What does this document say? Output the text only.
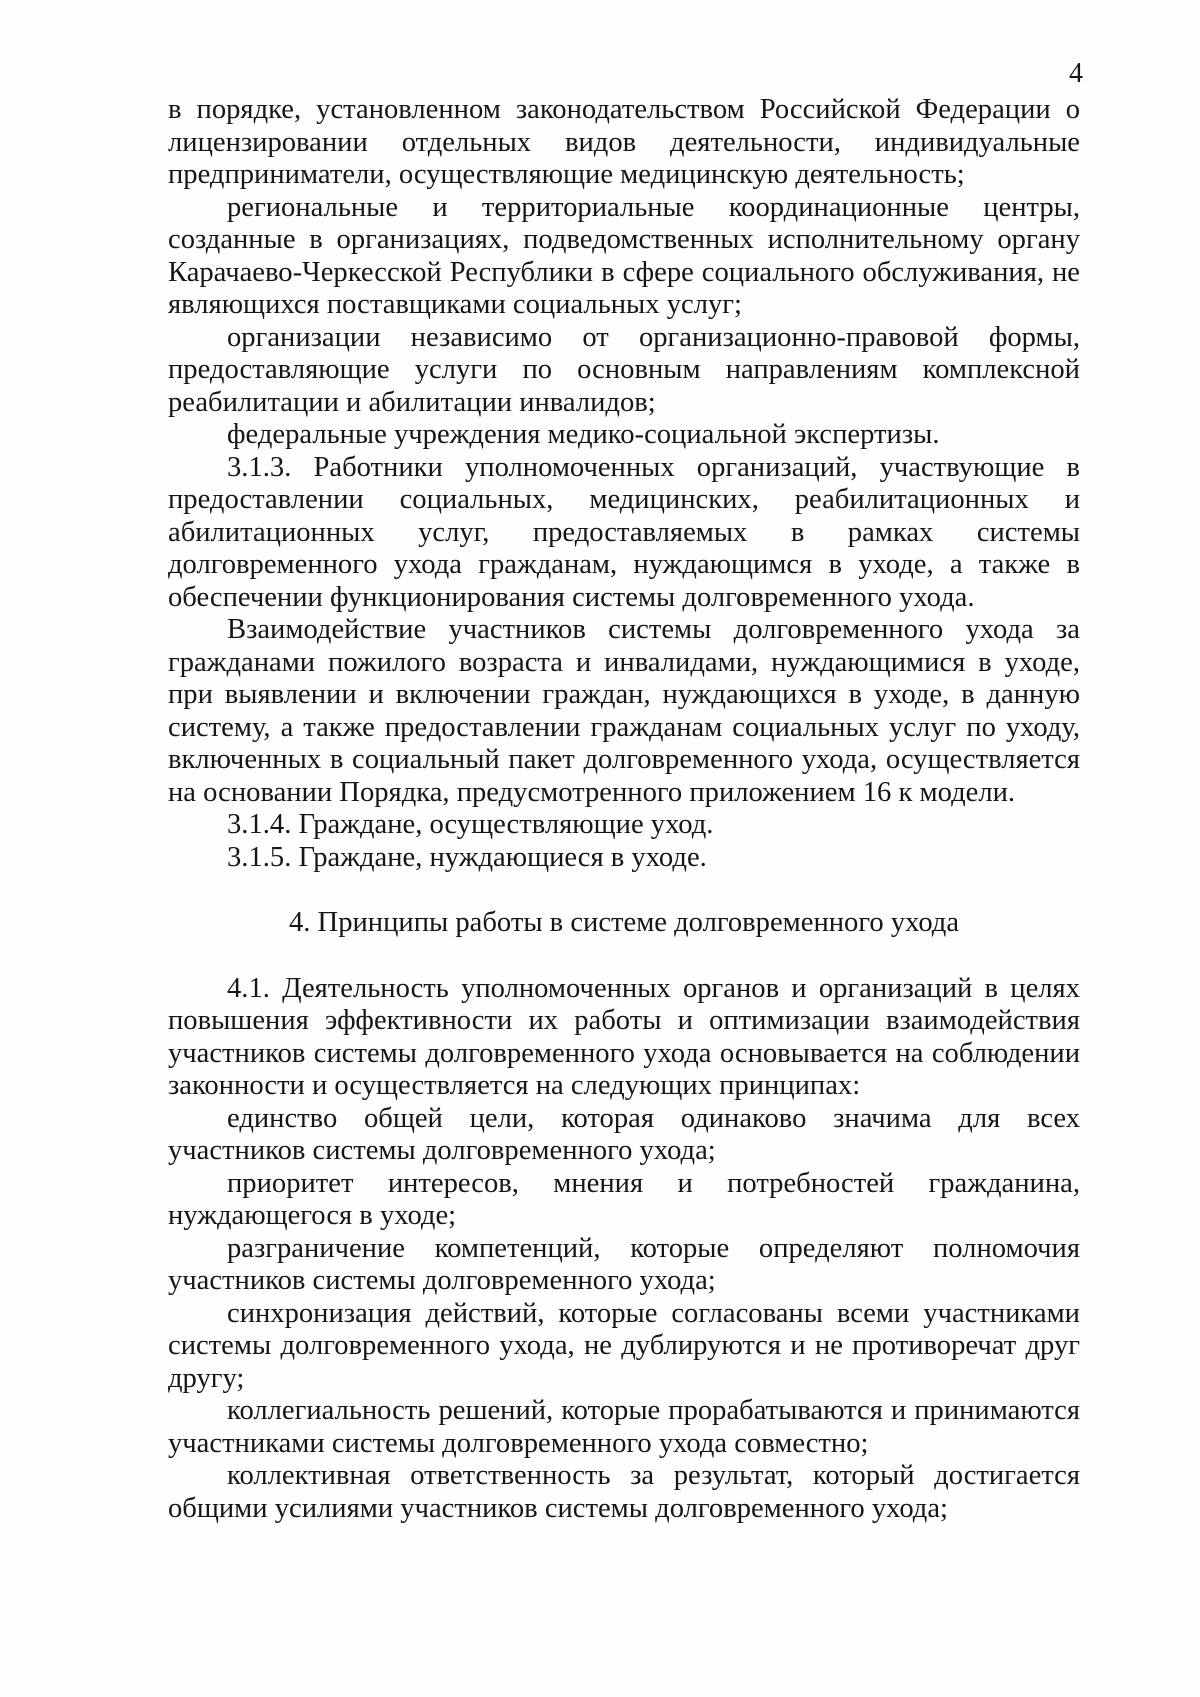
4

в порядке, установленном законодательством Российской Федерации о лицензировании отдельных видов деятельности, индивидуальные предприниматели, осуществляющие медицинскую деятельность;

региональные и территориальные координационные центры, созданные в организациях, подведомственных исполнительному органу Карачаево-Черкесской Республики в сфере социального обслуживания, не являющихся поставщиками социальных услуг;

организации независимо от организационно-правовой формы, предоставляющие услуги по основным направлениям комплексной реабилитации и абилитации инвалидов;

федеральные учреждения медико-социальной экспертизы.

3.1.3. Работники уполномоченных организаций, участвующие в предоставлении социальных, медицинских, реабилитационных и абилитационных услуг, предоставляемых в рамках системы долговременного ухода гражданам, нуждающимся в уходе, а также в обеспечении функционирования системы долговременного ухода.

Взаимодействие участников системы долговременного ухода за гражданами пожилого возраста и инвалидами, нуждающимися в уходе, при выявлении и включении граждан, нуждающихся в уходе, в данную систему, а также предоставлении гражданам социальных услуг по уходу, включенных в социальный пакет долговременного ухода, осуществляется на основании Порядка, предусмотренного приложением 16 к модели.

3.1.4. Граждане, осуществляющие уход.

3.1.5. Граждане, нуждающиеся в уходе.

4. Принципы работы в системе долговременного ухода

4.1. Деятельность уполномоченных органов и организаций в целях повышения эффективности их работы и оптимизации взаимодействия участников системы долговременного ухода основывается на соблюдении законности и осуществляется на следующих принципах:

единство общей цели, которая одинаково значима для всех участников системы долговременного ухода;

приоритет интересов, мнения и потребностей гражданина, нуждающегося в уходе;

разграничение компетенций, которые определяют полномочия участников системы долговременного ухода;

синхронизация действий, которые согласованы всеми участниками системы долговременного ухода, не дублируются и не противоречат друг другу;

коллегиальность решений, которые прорабатываются и принимаются участниками системы долговременного ухода совместно;

коллективная ответственность за результат, который достигается общими усилиями участников системы долговременного ухода;
